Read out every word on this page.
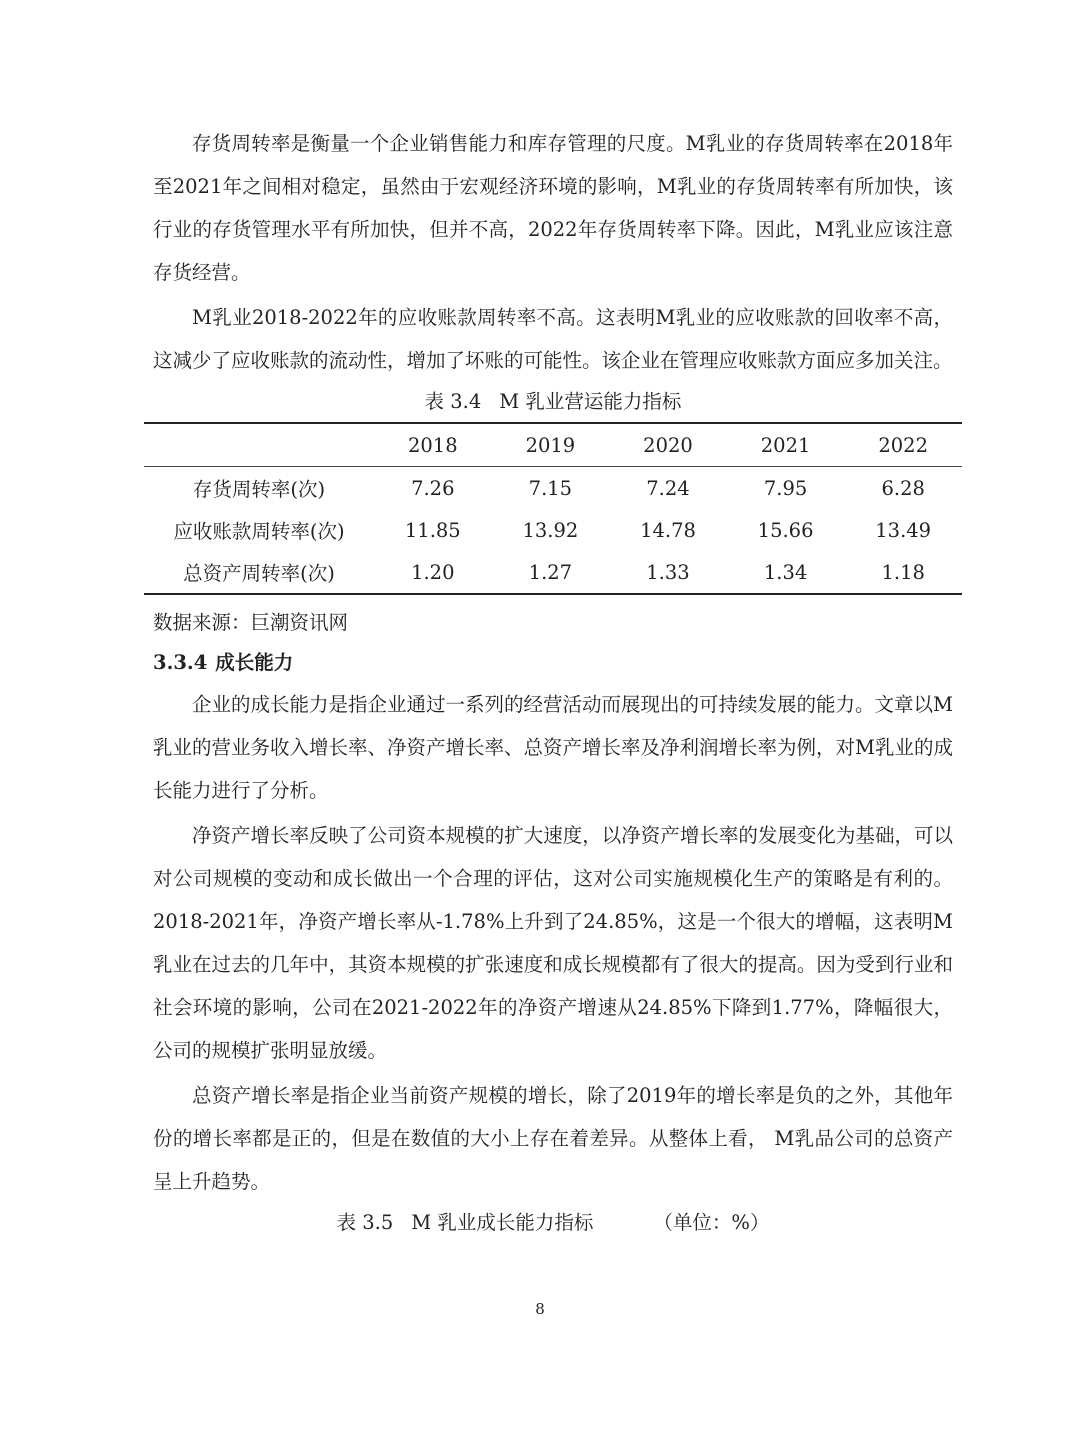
存货周转率是衡量一个企业销售能力和库存管理的尺度。M乳业的存货周转率在2018年至2021年之间相对稳定，虽然由于宏观经济环境的影响，M乳业的存货周转率有所加快，该行业的存货管理水平有所加快，但并不高，2022年存货周转率下降。因此，M乳业应该注意存货经营。

M乳业2018-2022年的应收账款周转率不高。这表明M乳业的应收账款的回收率不高，这减少了应收账款的流动性，增加了坏账的可能性。该企业在管理应收账款方面应多加关注。

表 3.4 M 乳业营运能力指标
	2018	2019	2020	2021	2022
存货周转率(次)	7.26	7.15	7.24	7.95	6.28
应收账款周转率(次)	11.85	13.92	14.78	15.66	13.49
总资产周转率(次)	1.20	1.27	1.33	1.34	1.18
数据来源：巨潮资讯网
3.3.4 成长能力

企业的成长能力是指企业通过一系列的经营活动而展现出的可持续发展的能力。文章以M乳业的营业务收入增长率、净资产增长率、总资产增长率及净利润增长率为例，对M乳业的成长能力进行了分析。

净资产增长率反映了公司资本规模的扩大速度，以净资产增长率的发展变化为基础，可以对公司规模的变动和成长做出一个合理的评估，这对公司实施规模化生产的策略是有利的。2018-2021年，净资产增长率从-1.78%上升到了24.85%，这是一个很大的增幅，这表明M乳业在过去的几年中，其资本规模的扩张速度和成长规模都有了很大的提高。因为受到行业和社会环境的影响，公司在2021-2022年的净资产增速从24.85%下降到1.77%，降幅很大，公司的规模扩张明显放缓。

总资产增长率是指企业当前资产规模的增长，除了2019年的增长率是负的之外，其他年份的增长率都是正的，但是在数值的大小上存在着差异。从整体上看， M乳品公司的总资产呈上升趋势。

表 3.5 M 乳业成长能力指标	（单位：%）
8
